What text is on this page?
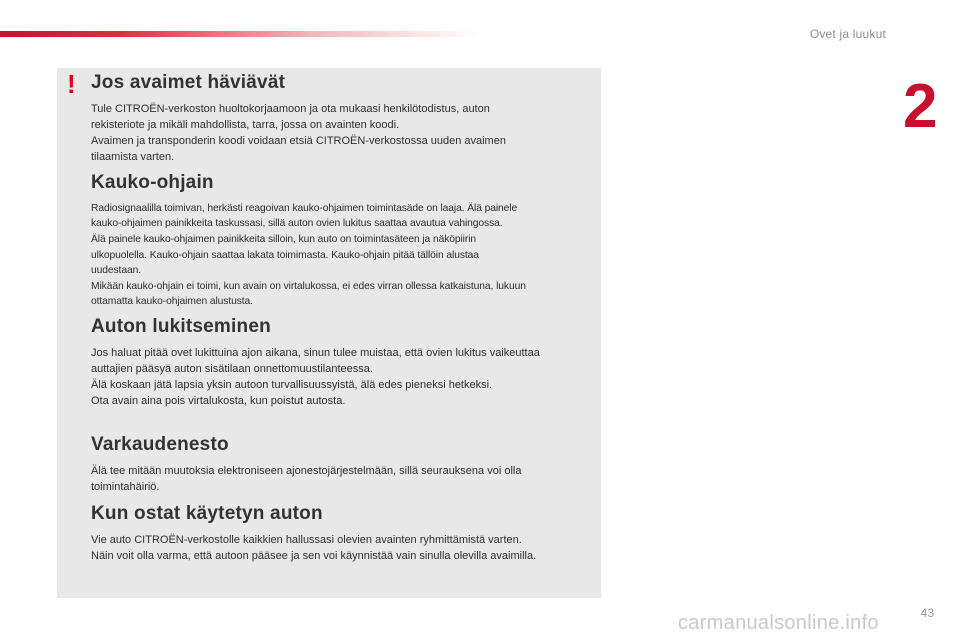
Ovet ja luukut
2
! Jos avaimet häviävät

Tule CITROËN-verkoston huoltokorjaamoon ja ota mukaasi henkilötodistus, auton

rekisteriote ja mikäli mahdollista, tarra, jossa on avainten koodi.

Avaimen ja transponderin koodi voidaan etsiä CITROËN-verkostossa uuden avaimen

tilaamista varten.

Kauko-ohjain

Radiosignaalilla toimivan, herkästi reagoivan kauko-ohjaimen toimintasäde on laaja. Älä painele

kauko-ohjaimen painikkeita taskussasi, sillä auton ovien lukitus saattaa avautua vahingossa.

Älä painele kauko-ohjaimen painikkeita silloin, kun auto on toimintasäteen ja näköpiirin

ulkopuolella. Kauko-ohjain saattaa lakata toimimasta. Kauko-ohjain pitää tällöin alustaa

uudestaan.

Mikään kauko-ohjain ei toimi, kun avain on virtalukossa, ei edes virran ollessa katkaistuna, lukuun

ottamatta kauko-ohjaimen alustusta.

Auton lukitseminen

Jos haluat pitää ovet lukittuina ajon aikana, sinun tulee muistaa, että ovien lukitus vaikeuttaa

auttajien pääsyä auton sisätilaan onnettomuustilanteessa.

Älä koskaan jätä lapsia yksin autoon turvallisuussyistä, älä edes pieneksi hetkeksi.

Ota avain aina pois virtalukosta, kun poistut autosta.

Varkaudenesto

Älä tee mitään muutoksia elektroniseen ajonestojärjestelmään, sillä seurauksena voi olla

toimintahäiriö.

Kun ostat käytetyn auton

Vie auto CITROËN-verkostolle kaikkien hallussasi olevien avainten ryhmittämistä varten.

Näin voit olla varma, että autoon pääsee ja sen voi käynnistää vain sinulla olevilla avaimilla.

43
carmanualsonline.info
